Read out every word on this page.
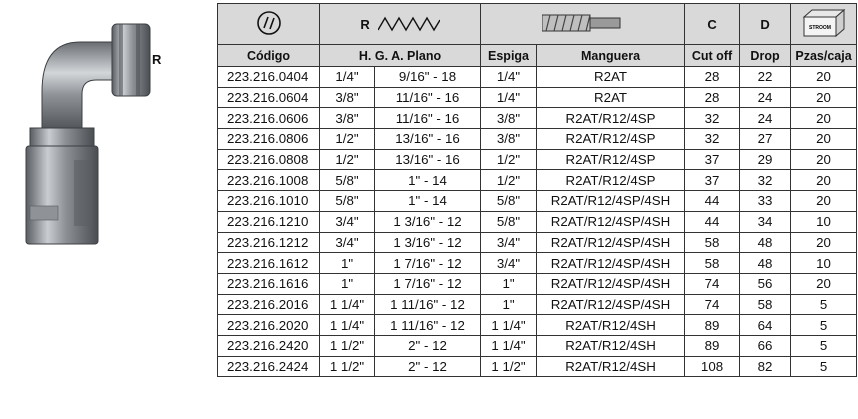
R

R				C	D	STROOM

Código	H. G. A. Plano		Espiga	Manguera	Cut off	Drop	Pzas/caja
223.216.0404	1/4"	9/16" - 18	1/4"	R2AT	28	22	20
223.216.0604	3/8"	11/16" - 16	1/4"	R2AT	28	24	20
223.216.0606	3/8"	11/16" - 16	3/8"	R2AT/R12/4SP	32	24	20
223.216.0806	1/2"	13/16" - 16	3/8"	R2AT/R12/4SP	32	27	20
223.216.0808	1/2"	13/16" - 16	1/2"	R2AT/R12/4SP	37	29	20
223.216.1008	5/8"	1" - 14	1/2"	R2AT/R12/4SP	37	32	20
223.216.1010	5/8"	1" - 14	5/8"	R2AT/R12/4SP/4SH	44	33	20
223.216.1210	3/4"	1 3/16" - 12	5/8"	R2AT/R12/4SP/4SH	44	34	10
223.216.1212	3/4"	1 3/16" - 12	3/4"	R2AT/R12/4SP/4SH	58	48	20
223.216.1612	1"	1 7/16" - 12	3/4"	R2AT/R12/4SP/4SH	58	48	10
223.216.1616	1"	1 7/16" - 12	1"	R2AT/R12/4SP/4SH	74	56	20
223.216.2016	1 1/4"	1 11/16" - 12	1"	R2AT/R12/4SP/4SH	74	58	5
223.216.2020	1 1/4"	1 11/16" - 12	1 1/4"	R2AT/R12/4SH	89	64	5
223.216.2420	1 1/2"	2" - 12	1 1/4"	R2AT/R12/4SH	89	66	5
223.216.2424	1 1/2"	2" - 12	1 1/2"	R2AT/R12/4SH	108	82	5
